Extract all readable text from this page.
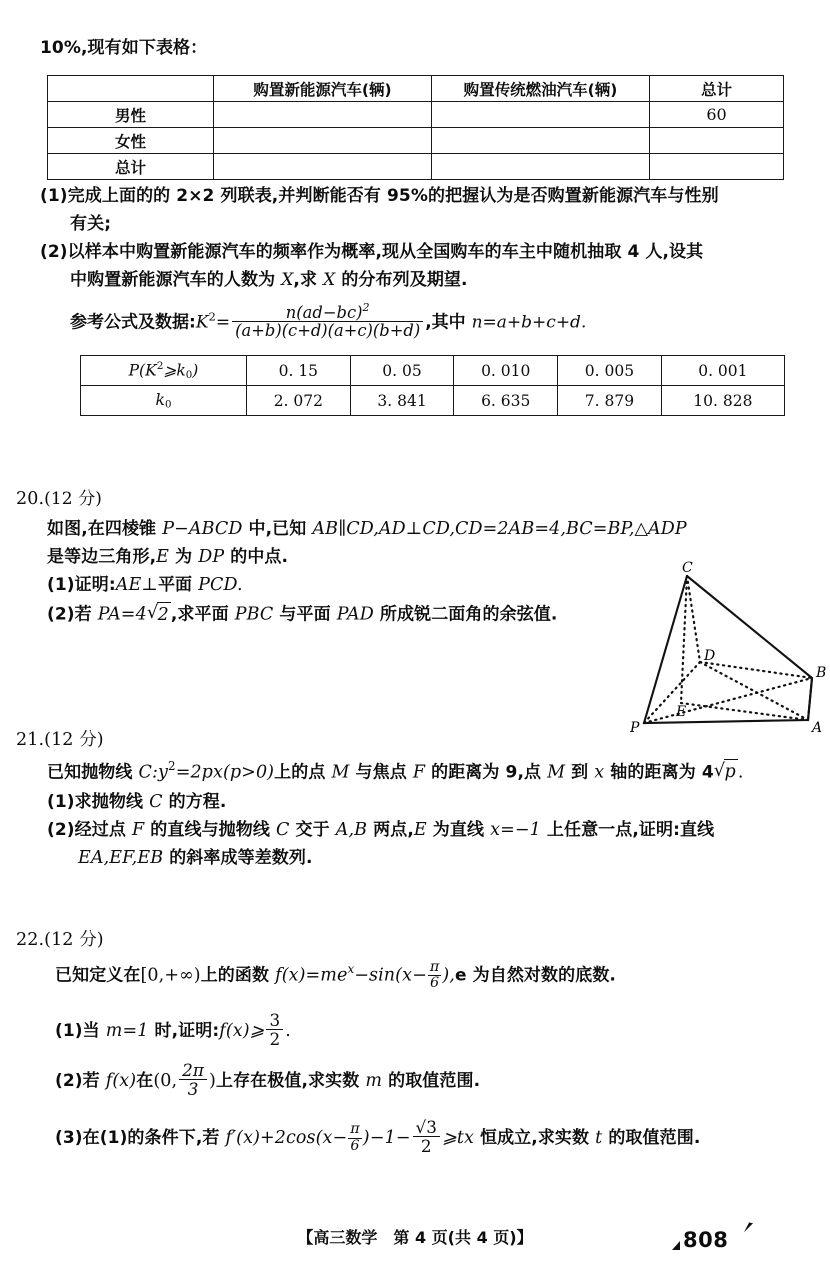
10%,现有如下表格：
	购置新能源汽车(辆)	购置传统燃油汽车(辆)	总计
男性			60
女性			
总计			
(1)完成上面的的 2×2 列联表,并判断能否有 95%的把握认为是否购置新能源汽车与性别
有关;
(2)以样本中购置新能源汽车的频率作为概率,现从全国购车的车主中随机抽取 4 人,设其
中购置新能源汽车的人数为 X,求 X 的分布列及期望.
参考公式及数据$:K^2= \frac{n(ad-bc)^2}{(a+b)(c+d)(a+c)(b+d)}$ ,其中 n=a+b+c+d.
$P(K^2⩾k_0)$	0. 15	0. 05	0. 010	0. 005	0. 001
$k_0$	2. 072	3. 841	6. 635	7. 879	10. 828
20.(12 分)
如图,在四棱锥 P−ABCD 中,已知 AB∥CD,AD⊥CD,CD=2AB=4,BC=BP,△ADP
是等边三角形,E 为 DP 的中点.
(1)证明:AE⊥平面 PCD.
(2)若 PA=4 √ 2 ,求平面 PBC 与平面 PAD 所成锐二面角的余弦值.
C
D
B
E
P	A
21.(12 分)
已知抛物线 $C:y^2=2px(p>0)$上的点 M 与焦点 F 的距离为 9,点 M 到 x 轴的距离为 4 √ p .
(1)求抛物线 C 的方程.
(2)经过点 F 的直线与抛物线 C 交于 A,B 两点,E 为直线 x=−1 上任意一点,证明:直线
EA,EF,EB 的斜率成等差数列.
22.(12 分)
已知定义在[0,+∞)上的函数 $f(x)=me^x-\sin(x- \frac{\pi}{6} ),e$ 为自然对数的底数.
(1)当 m=1 时,证明:f(x)⩾ $\frac{3}{2}$ .
(2)若 f(x)在(0, $\frac{2\pi}{3}$ )上存在极值,求实数 m 的取值范围.
(3)在(1)的条件下,若 $f'(x)+2\cos(x- \frac{\pi}{6} )-1- \frac{√3}{2}$ ⩾tx 恒成立,求实数 t 的取值范围.
【高三数学　第 4 页(共 4 页)】	808
